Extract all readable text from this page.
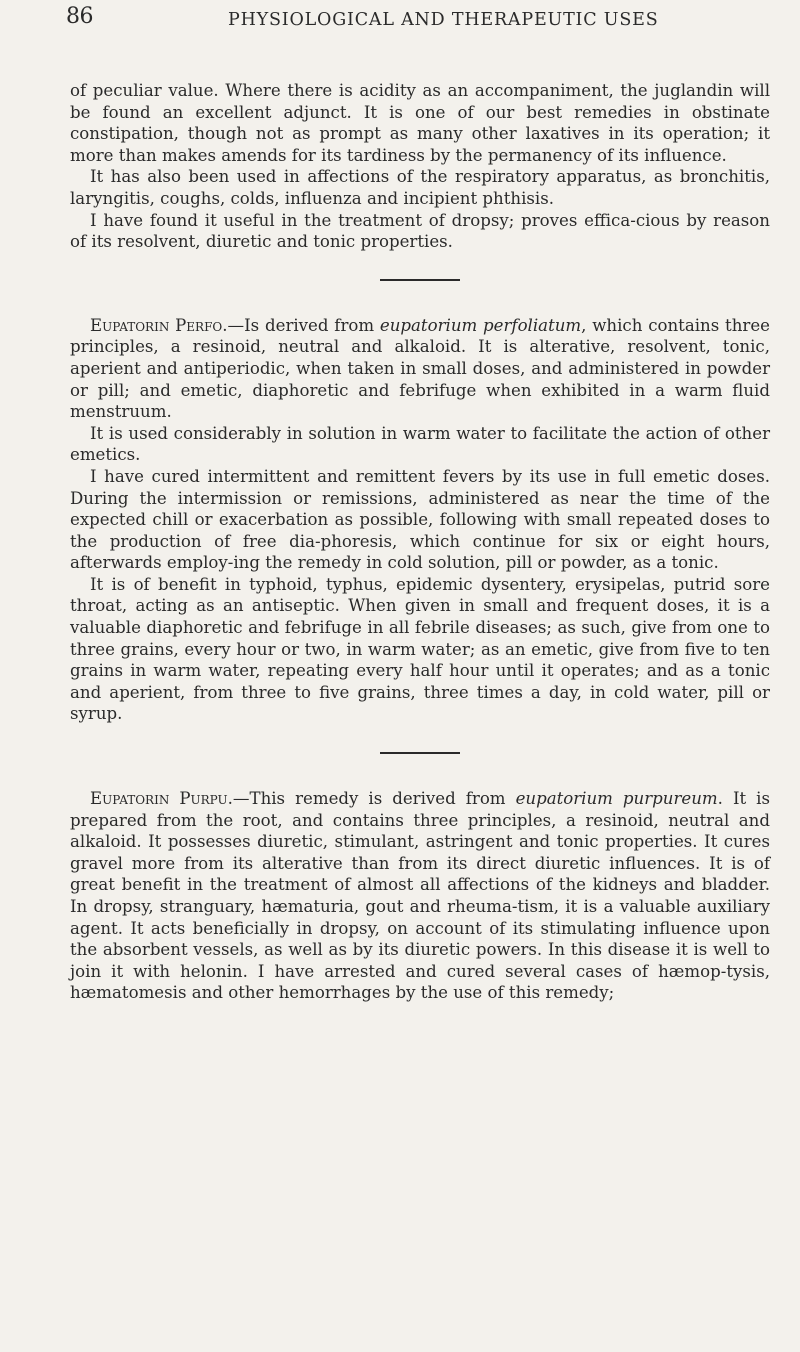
86	PHYSIOLOGICAL AND THERAPEUTIC USES

of peculiar value. Where there is acidity as an accompaniment, the juglandin will be found an excellent adjunct. It is one of our best remedies in obstinate constipation, though not as prompt as many other laxatives in its operation; it more than makes amends for its tardiness by the permanency of its influence.

It has also been used in affections of the respiratory apparatus, as bronchitis, laryngitis, coughs, colds, influenza and incipient phthisis.

I have found it useful in the treatment of dropsy; proves effica-cious by reason of its resolvent, diuretic and tonic properties.

Eupatorin Perfo.—Is derived from eupatorium perfoliatum, which contains three principles, a resinoid, neutral and alkaloid. It is alterative, resolvent, tonic, aperient and antiperiodic, when taken in small doses, and administered in powder or pill; and emetic, diaphoretic and febrifuge when exhibited in a warm fluid menstruum.

It is used considerably in solution in warm water to facilitate the action of other emetics.

I have cured intermittent and remittent fevers by its use in full emetic doses. During the intermission or remissions, administered as near the time of the expected chill or exacerbation as possible, following with small repeated doses to the production of free dia-phoresis, which continue for six or eight hours, afterwards employ-ing the remedy in cold solution, pill or powder, as a tonic.

It is of benefit in typhoid, typhus, epidemic dysentery, erysipelas, putrid sore throat, acting as an antiseptic. When given in small and frequent doses, it is a valuable diaphoretic and febrifuge in all febrile diseases; as such, give from one to three grains, every hour or two, in warm water; as an emetic, give from five to ten grains in warm water, repeating every half hour until it operates; and as a tonic and aperient, from three to five grains, three times a day, in cold water, pill or syrup.

Eupatorin Purpu.—This remedy is derived from eupatorium purpureum. It is prepared from the root, and contains three principles, a resinoid, neutral and alkaloid. It possesses diuretic, stimulant, astringent and tonic properties. It cures gravel more from its alterative than from its direct diuretic influences. It is of great benefit in the treatment of almost all affections of the kidneys and bladder. In dropsy, stranguary, hæmaturia, gout and rheuma-tism, it is a valuable auxiliary agent. It acts beneficially in dropsy, on account of its stimulating influence upon the absorbent vessels, as well as by its diuretic powers. In this disease it is well to join it with helonin. I have arrested and cured several cases of hæmop-tysis, hæmatomesis and other hemorrhages by the use of this remedy;
